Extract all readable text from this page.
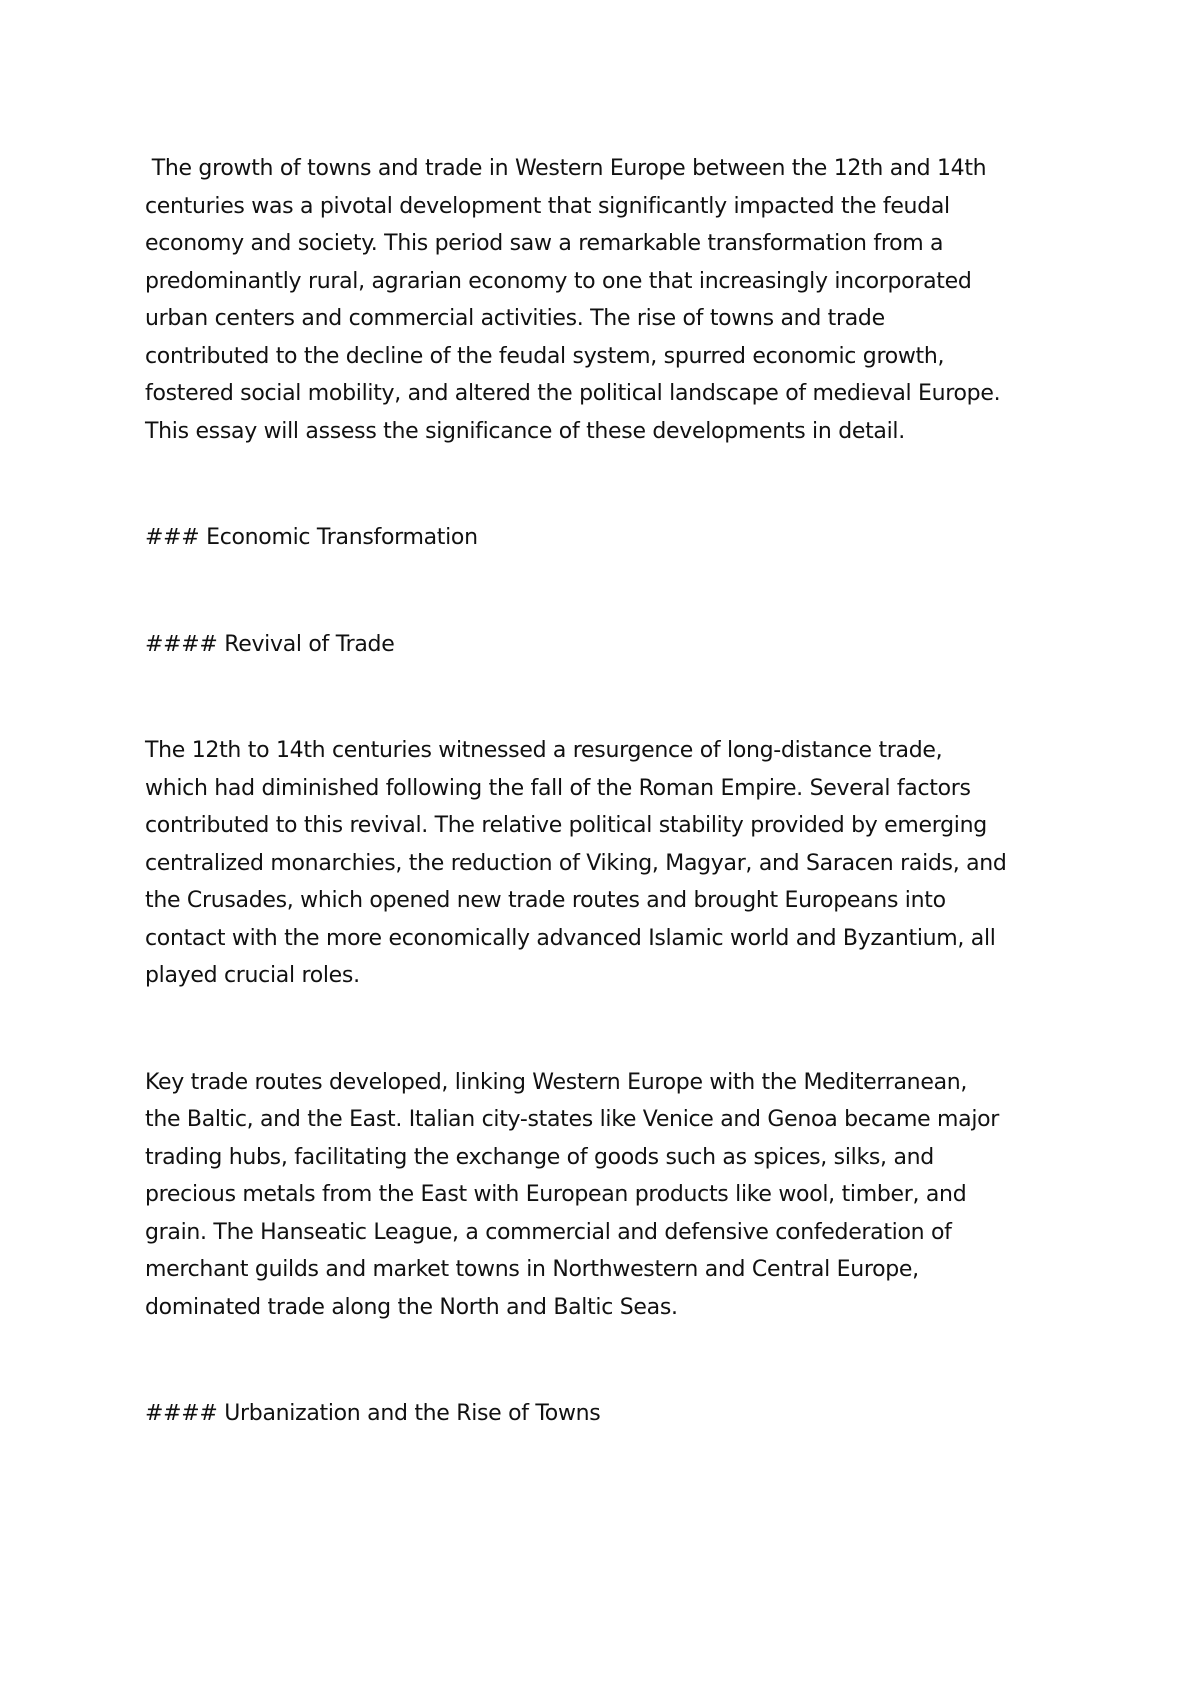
The growth of towns and trade in Western Europe between the 12th and 14th
centuries was a pivotal development that significantly impacted the feudal
economy and society. This period saw a remarkable transformation from a
predominantly rural, agrarian economy to one that increasingly incorporated
urban centers and commercial activities. The rise of towns and trade
contributed to the decline of the feudal system, spurred economic growth,
fostered social mobility, and altered the political landscape of medieval Europe.
This essay will assess the significance of these developments in detail.

### Economic Transformation

#### Revival of Trade

The 12th to 14th centuries witnessed a resurgence of long-distance trade,
which had diminished following the fall of the Roman Empire. Several factors
contributed to this revival. The relative political stability provided by emerging
centralized monarchies, the reduction of Viking, Magyar, and Saracen raids, and
the Crusades, which opened new trade routes and brought Europeans into
contact with the more economically advanced Islamic world and Byzantium, all
played crucial roles.

Key trade routes developed, linking Western Europe with the Mediterranean,
the Baltic, and the East. Italian city-states like Venice and Genoa became major
trading hubs, facilitating the exchange of goods such as spices, silks, and
precious metals from the East with European products like wool, timber, and
grain. The Hanseatic League, a commercial and defensive confederation of
merchant guilds and market towns in Northwestern and Central Europe,
dominated trade along the North and Baltic Seas.

#### Urbanization and the Rise of Towns
